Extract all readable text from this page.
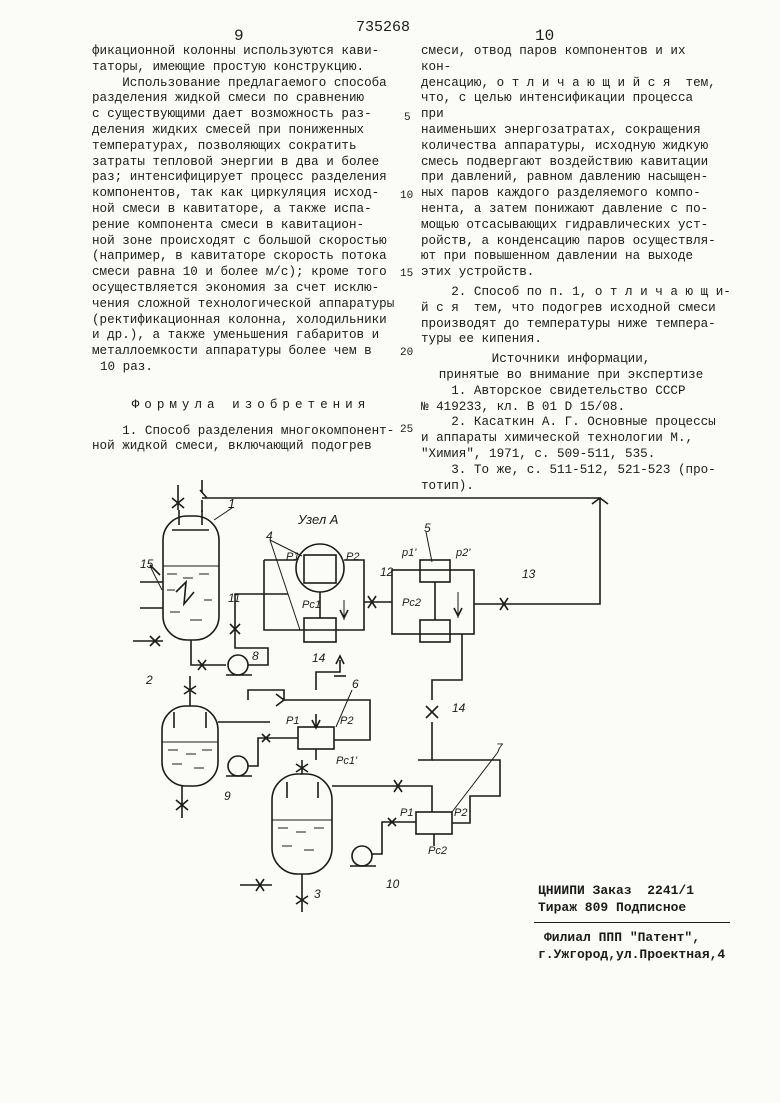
9	735268	10

фикационной колонны используются кави-

таторы, имеющие простую конструкцию.

Использование предлагаемого способа

разделения жидкой смеси по сравнению

с существующими дает возможность раз-

деления жидких смесей при пониженных

температурах, позволяющих сократить

затраты тепловой энергии в два и более

раз; интенсифицирует процесс разделения

компонентов, так как циркуляция исход-

ной смеси в кавитаторе, а также испа-

рение компонента смеси в кавитацион-

ной зоне происходят с большой скоростью

(например, в кавитаторе скорость потока

смеси равна 10 и более м/с); кроме того

осуществляется экономия за счет исклю-

чения сложной технологической аппаратуры

(ректификационная колонна, холодильники

и др.), а также уменьшения габаритов и

металлоемкости аппаратуры более чем в

10 раз.

Формула изобретения

1. Способ разделения многокомпонент-

ной жидкой смеси, включающий подогрев

5
10
15
20
25

смеси, отвод паров компонентов и их кон-

денсацию, о т л и ч а ю щ и й с я  тем,

что, с целью интенсификации процесса при

наименьших энергозатратах, сокращения

количества аппаратуры, исходную жидкую

смесь подвергают воздействию кавитации

при давлений, равном давлению насыщен-

ных паров каждого разделяемого компо-

нента, а затем понижают давление с по-

мощью отсасывающих гидравлических уст-

ройств, а конденсацию паров осуществля-

ют при повышенном давлении на выходе

этих устройств.

2. Способ по п. 1, о т л и ч а ю щ и-

й с я  тем, что подогрев исходной смеси

производят до температуры ниже темпера-

туры ее кипения.

Источники информации,

принятые во внимание при экспертизе

1. Авторское свидетельство СССР

№ 419233, кл. В 01 D 15/08.

2. Касаткин А. Г. Основные процессы

и аппараты химической технологии М.,

"Химия", 1971, с. 509-511, 535.

3. То же, с. 511-512, 521-523 (про-

тотип).

1
15
11
8
4
Узел А
P1	P2
Pc1
12
5
p1'	p2'
Pc2
13
14
14
2	6
P1	P2
Pc1'
9
7
P1	P2
Pc2
3
10	ЦНИИПИ Заказ  2241/1
Тираж 809 Подписное
Филиал ППП "Патент",
г.Ужгород,ул.Проектная,4
